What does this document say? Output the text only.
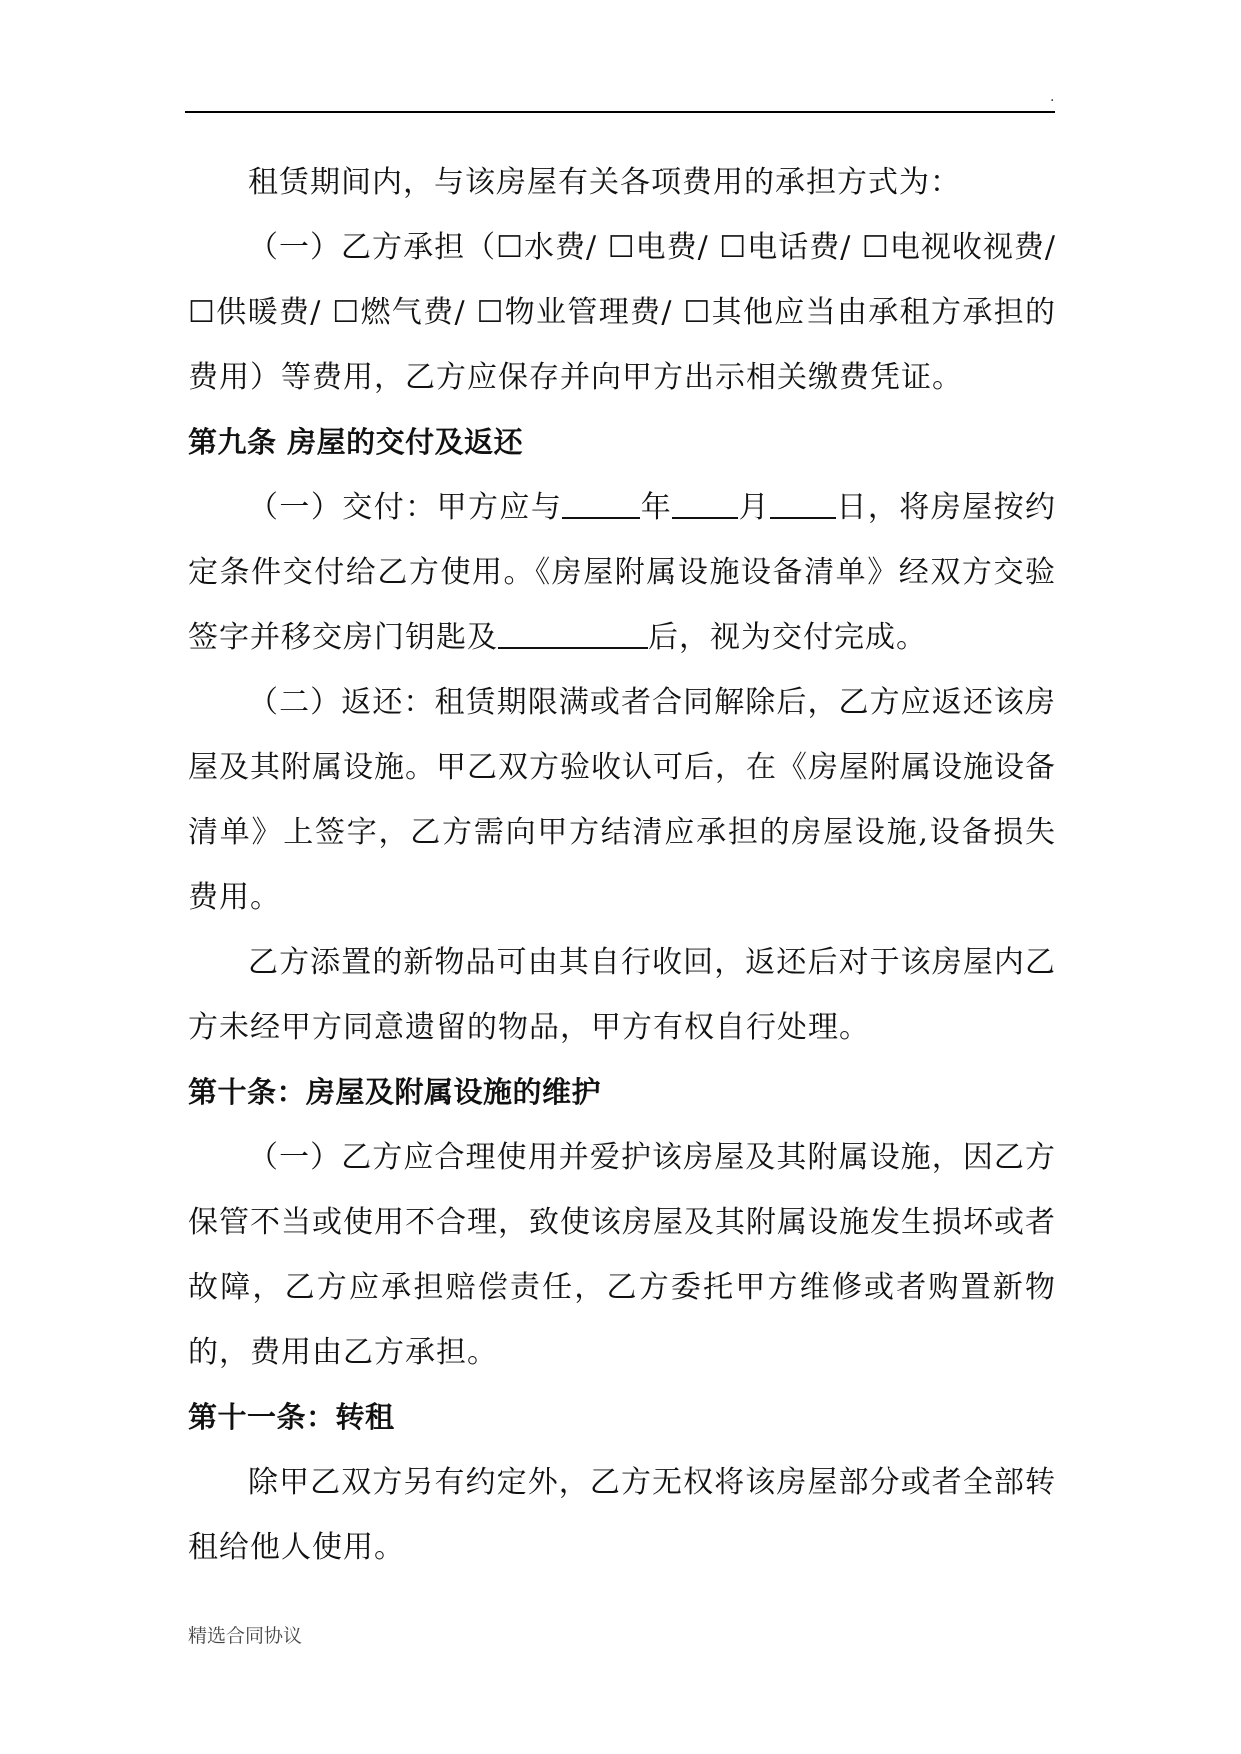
.

租赁期间内，与该房屋有关各项费用的承担方式为：

（一）乙方承担（☐水费/ ☐电费/ ☐电话费/ ☐电视收视费/☐供暖费/ ☐燃气费/ ☐物业管理费/ ☐其他应当由承租方承担的费用）等费用，乙方应保存并向甲方出示相关缴费凭证。

第九条 房屋的交付及返还

（一）交付：甲方应与	年 月 日，将房屋按约定条件交付给乙方使用。《房屋附属设施设备清单》经双方交验签字并移交房门钥匙及	后，视为交付完成。

（二）返还：租赁期限满或者合同解除后，乙方应返还该房屋及其附属设施。甲乙双方验收认可后，在《房屋附属设施设备清单》上签字，乙方需向甲方结清应承担的房屋设施,设备损失费用。

乙方添置的新物品可由其自行收回，返还后对于该房屋内乙方未经甲方同意遗留的物品，甲方有权自行处理。

第十条：房屋及附属设施的维护

（一）乙方应合理使用并爱护该房屋及其附属设施，因乙方保管不当或使用不合理，致使该房屋及其附属设施发生损坏或者故障，乙方应承担赔偿责任，乙方委托甲方维修或者购置新物的，费用由乙方承担。

第十一条：转租

除甲乙双方另有约定外，乙方无权将该房屋部分或者全部转租给他人使用。

精选合同协议
